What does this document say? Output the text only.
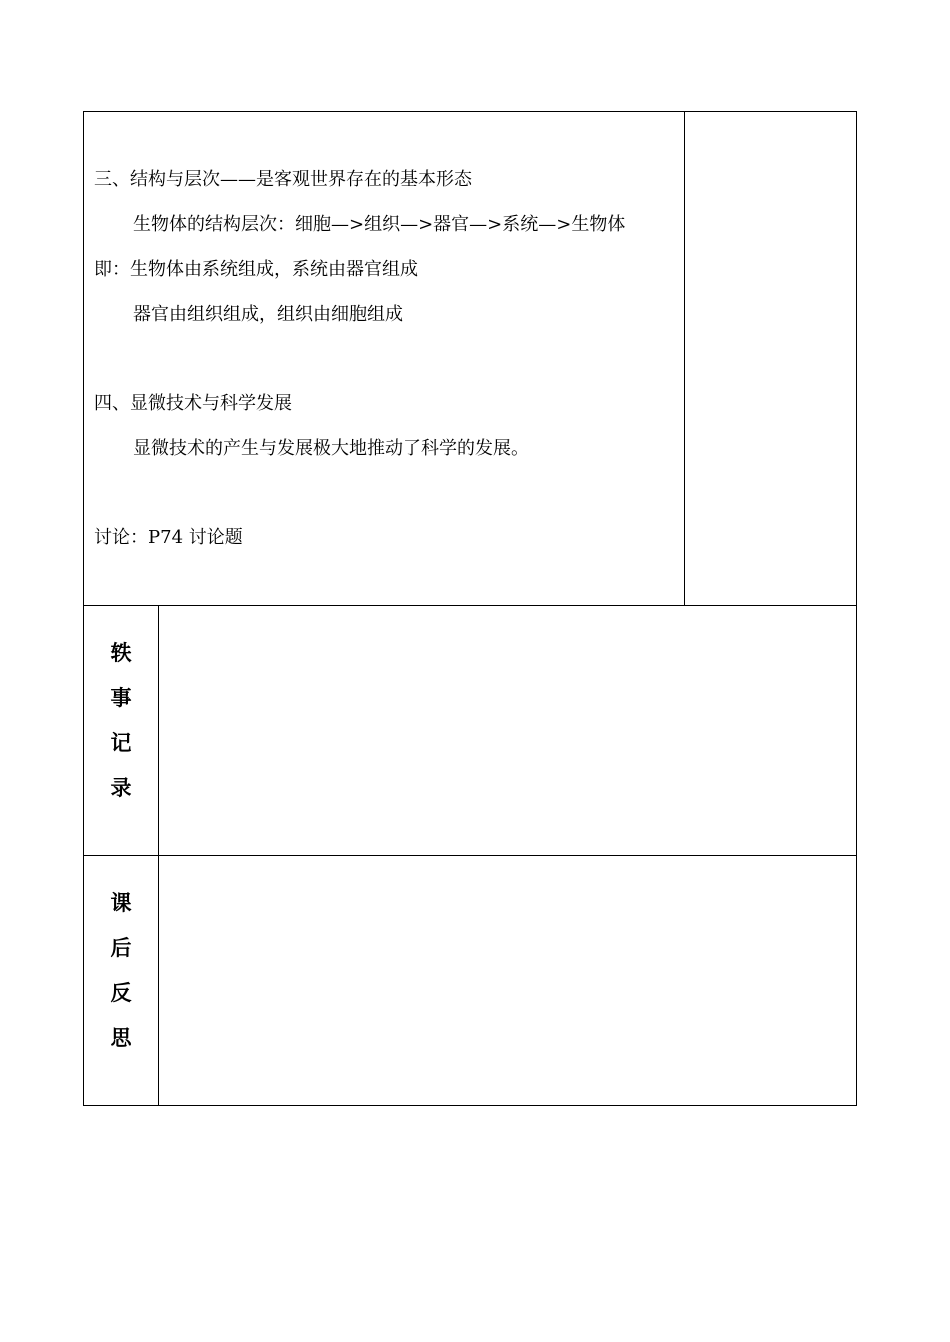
三、结构与层次——是客观世界存在的基本形态
生物体的结构层次：细胞—>组织—>器官—>系统—>生物体
即：生物体由系统组成，系统由器官组成
器官由组织组成，组织由细胞组成
四、显微技术与科学发展
显微技术的产生与发展极大地推动了科学的发展。
讨论：P74 讨论题
轶
事
记
录
课
后
反
思
